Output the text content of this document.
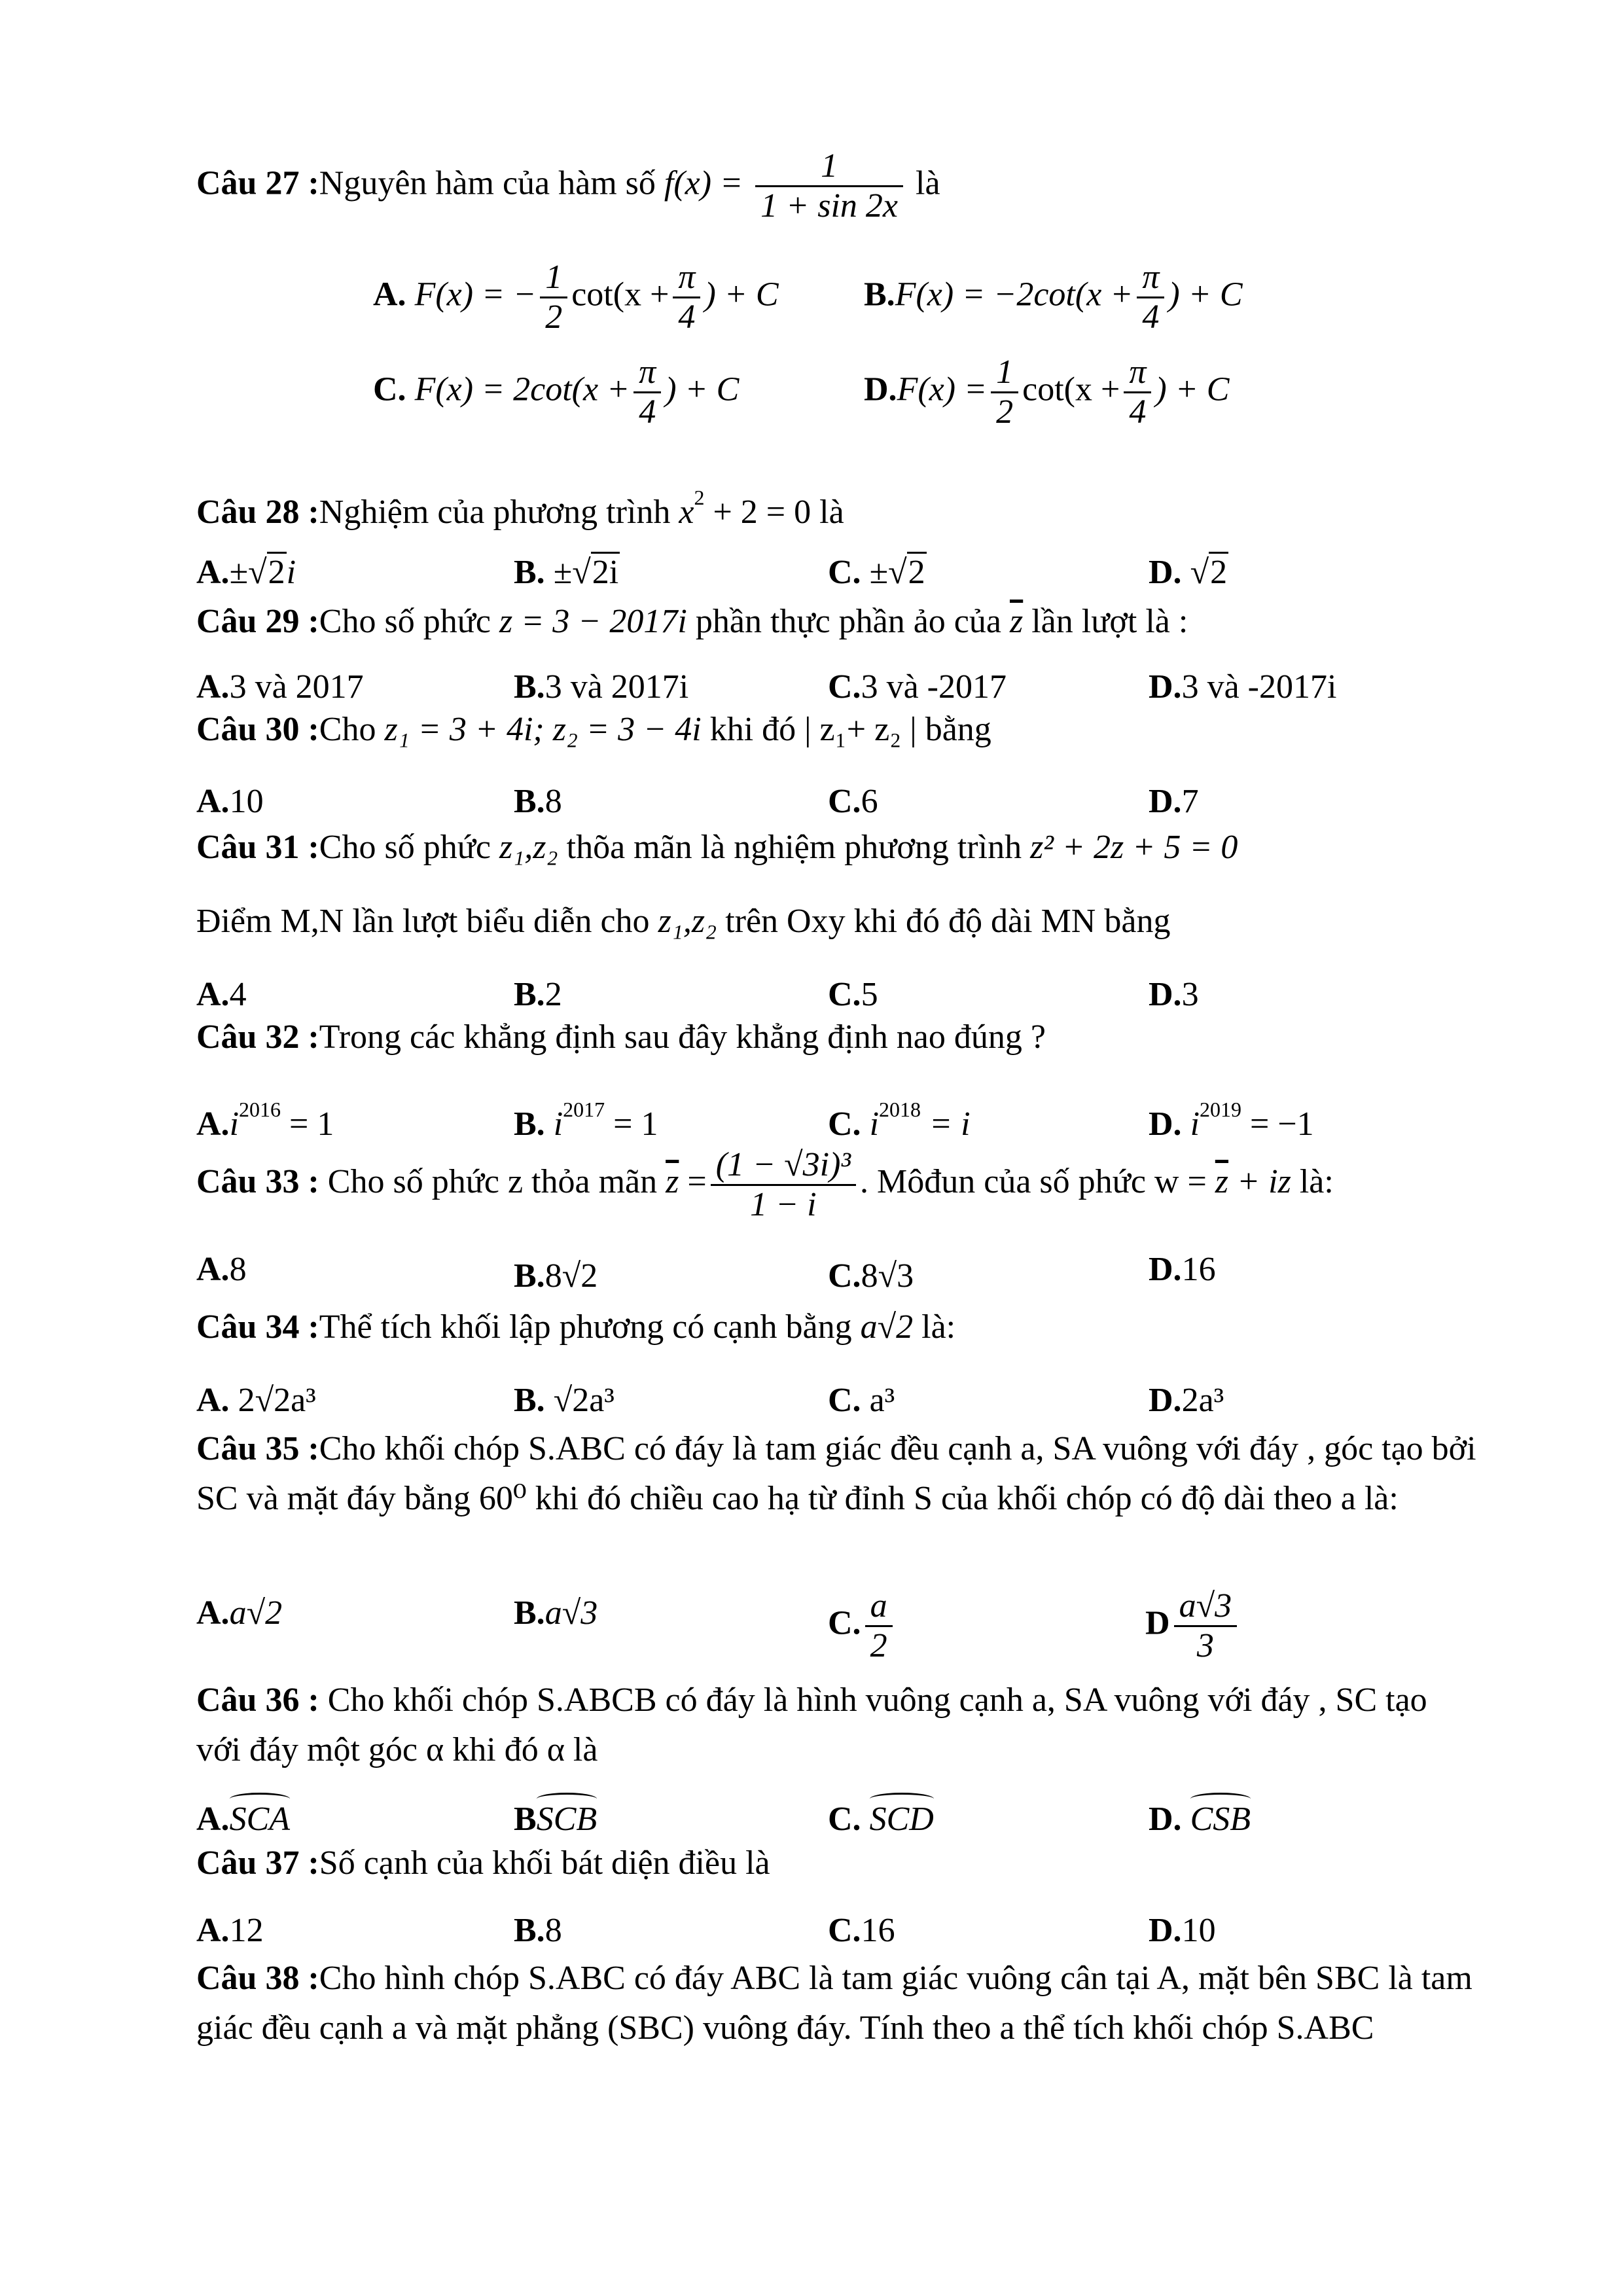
Câu 27 :Nguyên hàm của hàm số $f(x) = \frac{1}{1 + \sin 2x}$ là
A. F(x) = − $\frac{1}{2} \cot(x + \frac{\pi}{4}$ ) + C	$B.F(x) = -2\cot(x + \frac{\pi}{4}$ ) + C
C. $F(x) = 2\cot(x + \frac{\pi}{4}$ ) + C	$D.F(x) = \frac{1}{2} \cot(x + \frac{\pi}{4}$ ) + C
Câu 28 :Nghiệm của phương trình $x^2 + 2 = 0$ là
A.±√2i	B. ±√2i	C. ±√2	D. √2
Câu 29 :Cho số phức z = 3 − 2017i phần thực phần ảo của $\overline{z}$ lần lượt là :
A.3 và 2017	B.3 và 2017i	C.3 và -2017	D.3 và -2017i
Câu 30 :Cho z₁ = 3 + 4i; z₂ = 3 − 4i khi đó | z₁+ z₂ | bằng
A.10	B.8	C.6	D.7
Câu 31 :Cho số phức z₁,z₂ thõa mãn là nghiệm phương trình z² + 2z + 5 = 0
Điểm M,N lần lượt biểu diễn cho z₁,z₂ trên Oxy khi đó độ dài MN bằng
A.4	B.2	C.5	D.3
Câu 32 :Trong các khẳng định sau đây khẳng định nao đúng ?
$A.i^{2016} = 1$	B. $i^{2017} = 1$	C. $i^{2018} = i$	D. $i^{2019} = -1$
Câu 33 : Cho số phức z thỏa mãn $\overline{z} = \frac{\text{(1 − √3i)³}}{1 - i}$ . Môđun của số phức $w = \overline{z}$ + iz là:
A.8	B.8√2	C.8√3	D.16
Câu 34 :Thể tích khối lập phương có cạnh bằng a√2 là:
A. 2√2a³	B. √2a³	C. a³	D.2a³
Câu 35 :Cho khối chóp S.ABC có đáy là tam giác đều cạnh a, SA vuông với đáy , góc tạo bởi SC và mặt đáy bằng 60⁰ khi đó chiều cao hạ từ đỉnh S của khối chóp có độ dài theo a là:
A.a√2	B.a√3	C. $\frac{a}{2}$	D $\frac{a√3}{3}$
Câu 36 : Cho khối chóp S.ABCB có đáy là hình vuông cạnh a, SA vuông với đáy , SC tạo với đáy một góc α khi đó α là
A.SCA	BSCB	C. SCD	D. CSB
Câu 37 :Số cạnh của khối bát diện điều là
A.12	B.8	C.16	D.10
Câu 38 :Cho hình chóp S.ABC có đáy ABC là tam giác vuông cân tại A, mặt bên SBC là tam giác đều cạnh a và mặt phẳng (SBC) vuông đáy. Tính theo a thể tích khối chóp S.ABC
